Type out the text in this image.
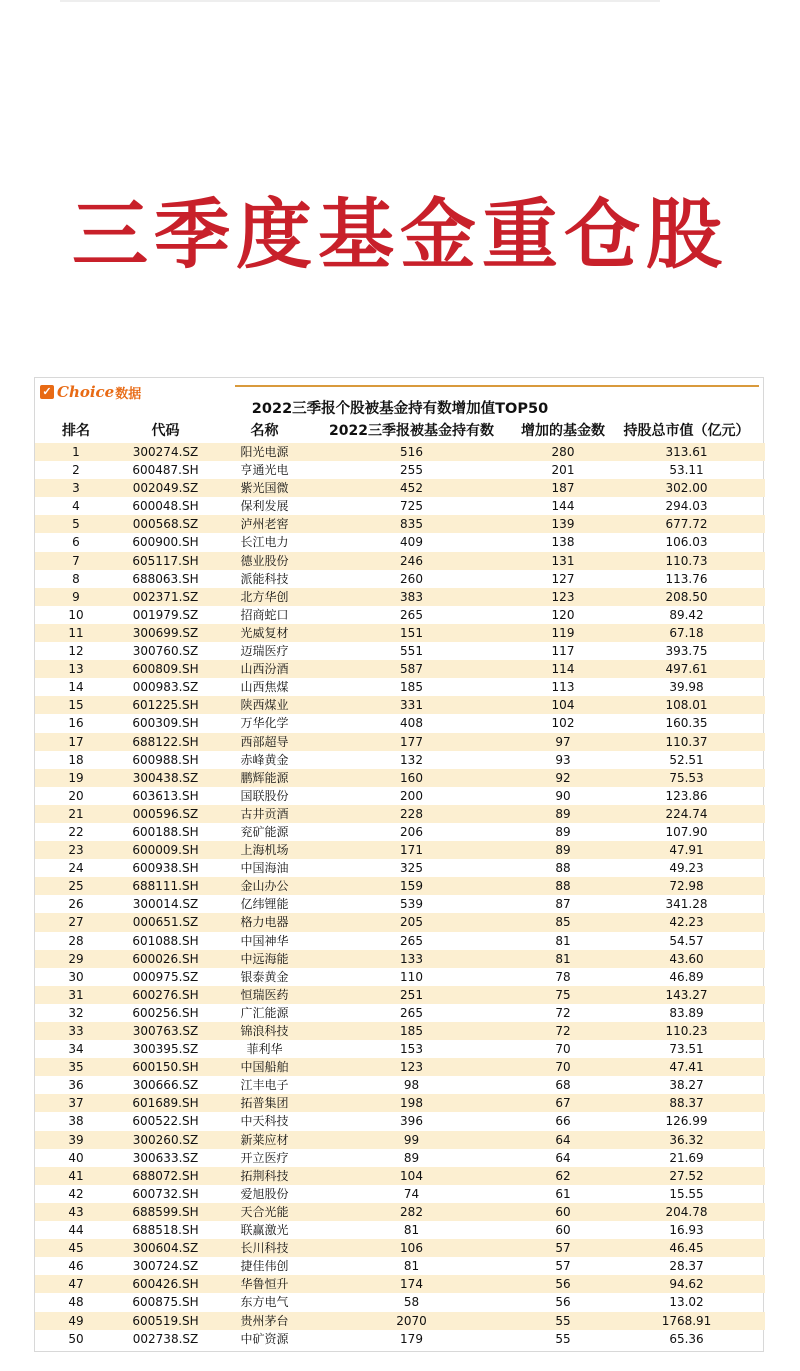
三季度基金重仓股
✓ Choice 数据
2022三季报个股被基金持有数增加值TOP50
排名	代码	名称	2022三季报被基金持有数	增加的基金数	持股总市值（亿元）
1	300274.SZ	阳光电源	516	280	313.61
2	600487.SH	亨通光电	255	201	53.11
3	002049.SZ	紫光国微	452	187	302.00
4	600048.SH	保利发展	725	144	294.03
5	000568.SZ	泸州老窖	835	139	677.72
6	600900.SH	长江电力	409	138	106.03
7	605117.SH	德业股份	246	131	110.73
8	688063.SH	派能科技	260	127	113.76
9	002371.SZ	北方华创	383	123	208.50
10	001979.SZ	招商蛇口	265	120	89.42
11	300699.SZ	光威复材	151	119	67.18
12	300760.SZ	迈瑞医疗	551	117	393.75
13	600809.SH	山西汾酒	587	114	497.61
14	000983.SZ	山西焦煤	185	113	39.98
15	601225.SH	陕西煤业	331	104	108.01
16	600309.SH	万华化学	408	102	160.35
17	688122.SH	西部超导	177	97	110.37
18	600988.SH	赤峰黄金	132	93	52.51
19	300438.SZ	鹏辉能源	160	92	75.53
20	603613.SH	国联股份	200	90	123.86
21	000596.SZ	古井贡酒	228	89	224.74
22	600188.SH	兖矿能源	206	89	107.90
23	600009.SH	上海机场	171	89	47.91
24	600938.SH	中国海油	325	88	49.23
25	688111.SH	金山办公	159	88	72.98
26	300014.SZ	亿纬锂能	539	87	341.28
27	000651.SZ	格力电器	205	85	42.23
28	601088.SH	中国神华	265	81	54.57
29	600026.SH	中远海能	133	81	43.60
30	000975.SZ	银泰黄金	110	78	46.89
31	600276.SH	恒瑞医药	251	75	143.27
32	600256.SH	广汇能源	265	72	83.89
33	300763.SZ	锦浪科技	185	72	110.23
34	300395.SZ	菲利华	153	70	73.51
35	600150.SH	中国船舶	123	70	47.41
36	300666.SZ	江丰电子	98	68	38.27
37	601689.SH	拓普集团	198	67	88.37
38	600522.SH	中天科技	396	66	126.99
39	300260.SZ	新莱应材	99	64	36.32
40	300633.SZ	开立医疗	89	64	21.69
41	688072.SH	拓荆科技	104	62	27.52
42	600732.SH	爱旭股份	74	61	15.55
43	688599.SH	天合光能	282	60	204.78
44	688518.SH	联赢激光	81	60	16.93
45	300604.SZ	长川科技	106	57	46.45
46	300724.SZ	捷佳伟创	81	57	28.37
47	600426.SH	华鲁恒升	174	56	94.62
48	600875.SH	东方电气	58	56	13.02
49	600519.SH	贵州茅台	2070	55	1768.91
50	002738.SZ	中矿资源	179	55	65.36
